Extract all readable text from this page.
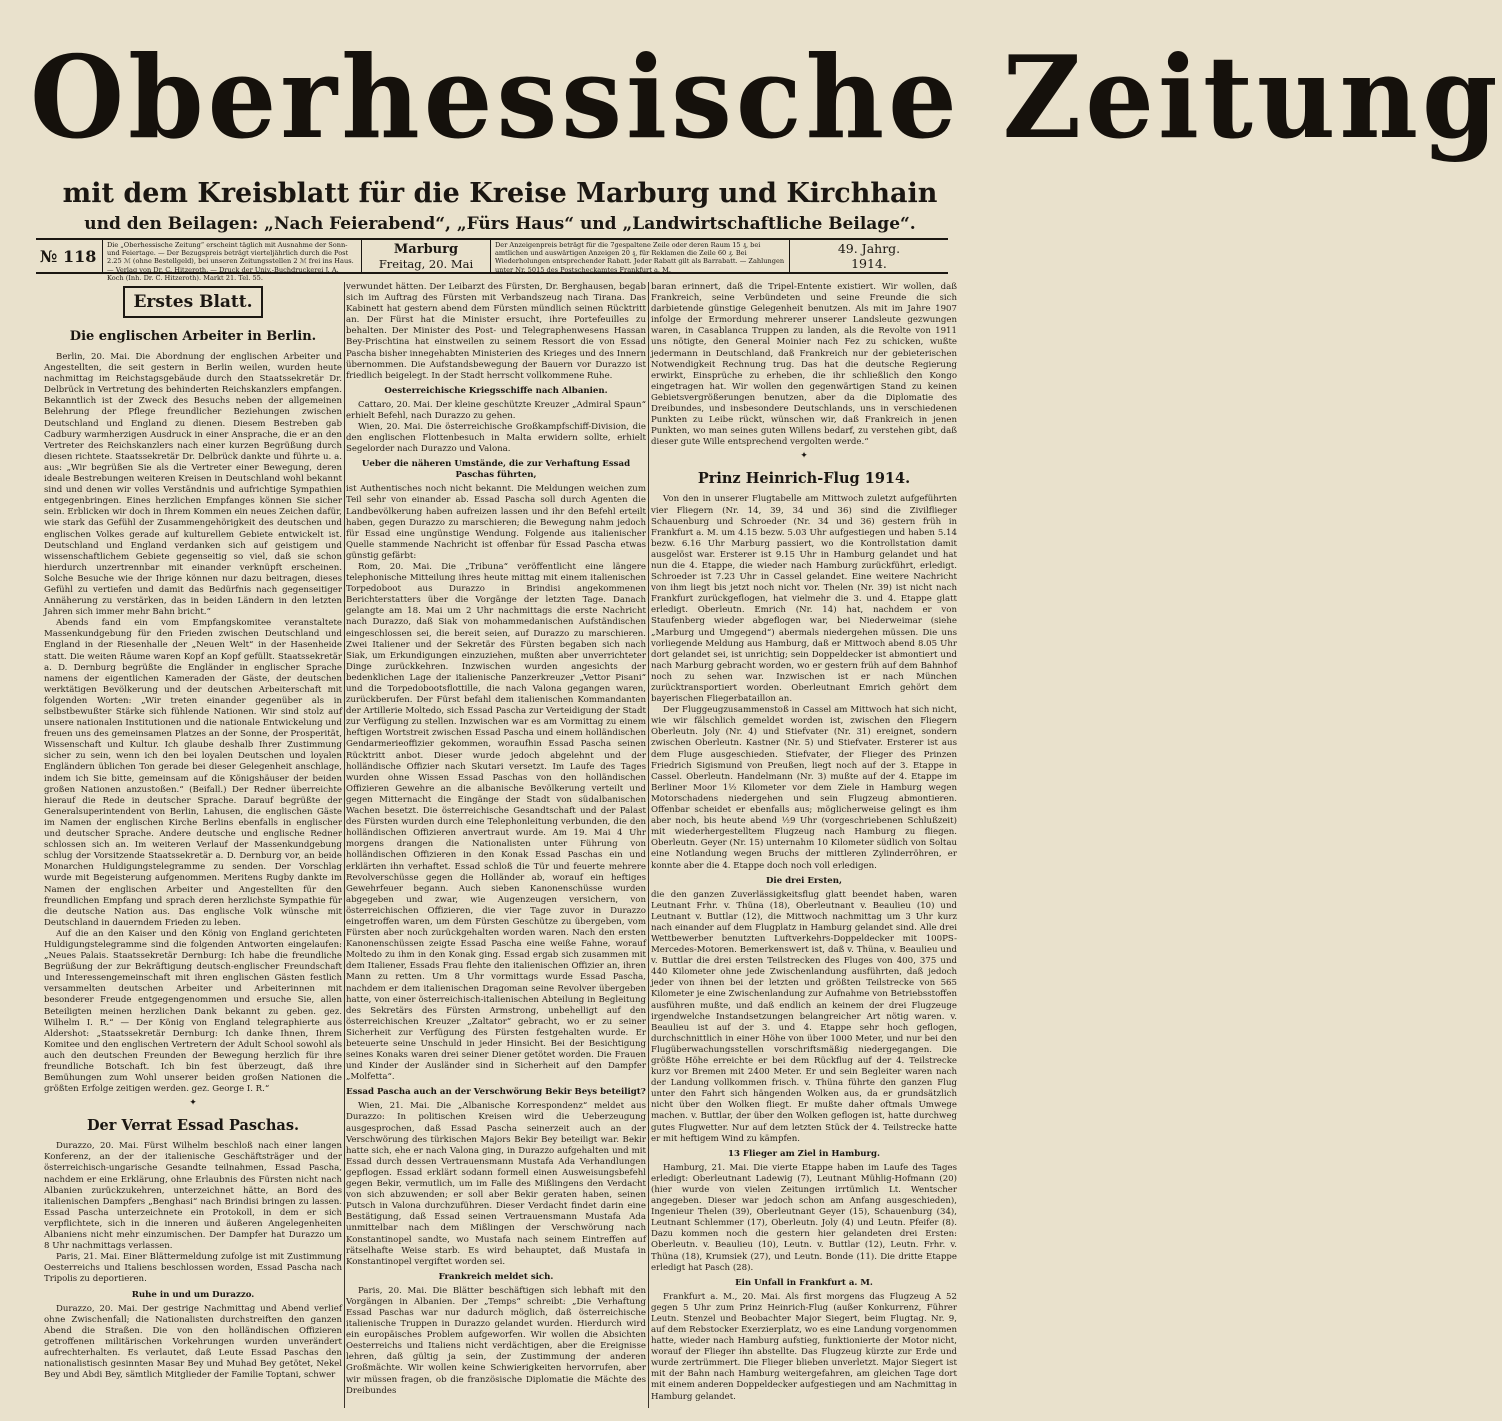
Oberhessische Zeitung
mit dem Kreisblatt für die Kreise Marburg und Kirchhain
und den Beilagen: „Nach Feierabend“, „Fürs Haus“ und „Landwirtschaftliche Beilage“.
№ 118
Die „Oberhessische Zeitung“ erscheint täglich mit Ausnahme der Sonn- und Feiertage. — Der Bezugspreis beträgt vierteljährlich durch die Post 2.25 ℳ (ohne Bestellgeld), bei unseren Zeitungsstellen 2 ℳ frei ins Haus. — Verlag von Dr. C. Hitzeroth. — Druck der Univ.-Buchdruckerei J. A. Koch (Inh. Dr. C. Hitzeroth). Markt 21. Tel. 55.
Marburg
Freitag, 20. Mai
Der Anzeigenpreis beträgt für die 7gespaltene Zeile oder deren Raum 15 ₰, bei amtlichen und auswärtigen Anzeigen 20 ₰, für Reklamen die Zeile 60 ₰. Bei Wiederholungen entsprechender Rabatt. Jeder Rabatt gilt als Barrabatt. — Zahlungen unter Nr. 5015 des Postscheckamtes Frankfurt a. M.
49. Jahrg.
1914.
Erstes Blatt.
Die englischen Arbeiter in Berlin.

Berlin, 20. Mai. Die Abordnung der englischen Arbeiter und Angestellten, die seit gestern in Berlin weilen, wurden heute nachmittag im Reichstagsgebäude durch den Staatssekretär Dr. Delbrück in Vertretung des behinderten Reichskanzlers empfangen. Bekanntlich ist der Zweck des Besuchs neben der allgemeinen Belehrung der Pflege freundlicher Beziehungen zwischen Deutschland und England zu dienen. Diesem Bestreben gab Cadbury warmherzigen Ausdruck in einer Ansprache, die er an den Vertreter des Reichskanzlers nach einer kurzen Begrüßung durch diesen richtete. Staatssekretär Dr. Delbrück dankte und führte u. a. aus: „Wir begrüßen Sie als die Vertreter einer Bewegung, deren ideale Bestrebungen weiteren Kreisen in Deutschland wohl bekannt sind und denen wir volles Verständnis und aufrichtige Sympathien entgegenbringen. Eines herzlichen Empfanges können Sie sicher sein. Erblicken wir doch in Ihrem Kommen ein neues Zeichen dafür, wie stark das Gefühl der Zusammengehörigkeit des deutschen und englischen Volkes gerade auf kulturellem Gebiete entwickelt ist. Deutschland und England verdanken sich auf geistigem und wissenschaftlichem Gebiete gegenseitig so viel, daß sie schon hierdurch unzertrennbar mit einander verknüpft erscheinen. Solche Besuche wie der Ihrige können nur dazu beitragen, dieses Gefühl zu vertiefen und damit das Bedürfnis nach gegenseitiger Annäherung zu verstärken, das in beiden Ländern in den letzten Jahren sich immer mehr Bahn bricht.“

Abends fand ein vom Empfangskomitee veranstaltete Massenkundgebung für den Frieden zwischen Deutschland und England in der Riesenhalle der „Neuen Welt“ in der Hasenheide statt. Die weiten Räume waren Kopf an Kopf gefüllt. Staatssekretär a. D. Dernburg begrüßte die Engländer in englischer Sprache namens der eigentlichen Kameraden der Gäste, der deutschen werktätigen Bevölkerung und der deutschen Arbeiterschaft mit folgenden Worten: „Wir treten einander gegenüber als in selbstbewußter Stärke sich fühlende Nationen. Wir sind stolz auf unsere nationalen Institutionen und die nationale Entwickelung und freuen uns des gemeinsamen Platzes an der Sonne, der Prosperität, Wissenschaft und Kultur. Ich glaube deshalb Ihrer Zustimmung sicher zu sein, wenn ich den bei loyalen Deutschen und loyalen Engländern üblichen Ton gerade bei dieser Gelegenheit anschlage, indem ich Sie bitte, gemeinsam auf die Königshäuser der beiden großen Nationen anzustoßen.“ (Beifall.) Der Redner überreichte hierauf die Rede in deutscher Sprache. Darauf begrüßte der Generalsuperintendent von Berlin, Lahusen, die englischen Gäste im Namen der englischen Kirche Berlins ebenfalls in englischer und deutscher Sprache. Andere deutsche und englische Redner schlossen sich an. Im weiteren Verlauf der Massenkundgebung schlug der Vorsitzende Staatssekretär a. D. Dernburg vor, an beide Monarchen Huldigungstelegramme zu senden. Der Vorschlag wurde mit Begeisterung aufgenommen. Meritens Rugby dankte im Namen der englischen Arbeiter und Angestellten für den freundlichen Empfang und sprach deren herzlichste Sympathie für die deutsche Nation aus. Das englische Volk wünsche mit Deutschland in dauerndem Frieden zu leben.

Auf die an den Kaiser und den König von England gerichteten Huldigungstelegramme sind die folgenden Antworten eingelaufen: „Neues Palais. Staatssekretär Dernburg: Ich habe die freundliche Begrüßung der zur Bekräftigung deutsch-englischer Freundschaft und Interessengemeinschaft mit ihren englischen Gästen festlich versammelten deutschen Arbeiter und Arbeiterinnen mit besonderer Freude entgegengenommen und ersuche Sie, allen Beteiligten meinen herzlichen Dank bekannt zu geben. gez. Wilhelm I. R.“ — Der König von England telegraphierte aus Aldershot: „Staatssekretär Dernburg: Ich danke Ihnen, Ihrem Komitee und den englischen Vertretern der Adult School sowohl als auch den deutschen Freunden der Bewegung herzlich für ihre freundliche Botschaft. Ich bin fest überzeugt, daß ihre Bemühungen zum Wohl unserer beiden großen Nationen die größten Erfolge zeitigen werden. gez. George I. R.“

✦
Der Verrat Essad Paschas.

Durazzo, 20. Mai. Fürst Wilhelm beschloß nach einer langen Konferenz, an der der italienische Geschäftsträger und der österreichisch-ungarische Gesandte teilnahmen, Essad Pascha, nachdem er eine Erklärung, ohne Erlaubnis des Fürsten nicht nach Albanien zurückzukehren, unterzeichnet hätte, an Bord des italienischen Dampfers „Benghasi“ nach Brindisi bringen zu lassen. Essad Pascha unterzeichnete ein Protokoll, in dem er sich verpflichtete, sich in die inneren und äußeren Angelegenheiten Albaniens nicht mehr einzumischen. Der Dampfer hat Durazzo um 8 Uhr nachmittags verlassen.

Paris, 21. Mai. Einer Blättermeldung zufolge ist mit Zustimmung Oesterreichs und Italiens beschlossen worden, Essad Pascha nach Tripolis zu deportieren.

Ruhe in und um Durazzo.

Durazzo, 20. Mai. Der gestrige Nachmittag und Abend verlief ohne Zwischenfall; die Nationalisten durchstreiften den ganzen Abend die Straßen. Die von den holländischen Offizieren getroffenen militärischen Vorkehrungen wurden unverändert aufrechterhalten. Es verlautet, daß Leute Essad Paschas den nationalistisch gesinnten Masar Bey und Muhad Bey getötet, Nekel Bey und Abdi Bey, sämtlich Mitglieder der Familie Toptani, schwer

verwundet hätten. Der Leibarzt des Fürsten, Dr. Berghausen, begab sich im Auftrag des Fürsten mit Verbandszeug nach Tirana. Das Kabinett hat gestern abend dem Fürsten mündlich seinen Rücktritt an. Der Fürst hat die Minister ersucht, ihre Portefeuilles zu behalten. Der Minister des Post- und Telegraphenwesens Hassan Bey-Prischtina hat einstweilen zu seinem Ressort die von Essad Pascha bisher innegehabten Ministerien des Krieges und des Innern übernommen. Die Aufstandsbewegung der Bauern vor Durazzo ist friedlich beigelegt. In der Stadt herrscht vollkommene Ruhe.

Oesterreichische Kriegsschiffe nach Albanien.

Cattaro, 20. Mai. Der kleine geschützte Kreuzer „Admiral Spaun“ erhielt Befehl, nach Durazzo zu gehen.

Wien, 20. Mai. Die österreichische Großkampfschiff-Division, die den englischen Flottenbesuch in Malta erwidern sollte, erhielt Segelorder nach Durazzo und Valona.

Ueber die näheren Umstände, die zur Verhaftung Essad Paschas führten,

ist Authentisches noch nicht bekannt. Die Meldungen weichen zum Teil sehr von einander ab. Essad Pascha soll durch Agenten die Landbevölkerung haben aufreizen lassen und ihr den Befehl erteilt haben, gegen Durazzo zu marschieren; die Bewegung nahm jedoch für Essad eine ungünstige Wendung. Folgende aus italienischer Quelle stammende Nachricht ist offenbar für Essad Pascha etwas günstig gefärbt:

Rom, 20. Mai. Die „Tribuna“ veröffentlicht eine längere telephonische Mitteilung ihres heute mittag mit einem italienischen Torpedoboot aus Durazzo in Brindisi angekommenen Berichterstatters über die Vorgänge der letzten Tage. Danach gelangte am 18. Mai um 2 Uhr nachmittags die erste Nachricht nach Durazzo, daß Siak von mohammedanischen Aufständischen eingeschlossen sei, die bereit seien, auf Durazzo zu marschieren. Zwei Italiener und der Sekretär des Fürsten begaben sich nach Siak, um Erkundigungen einzuziehen, mußten aber unverrichteter Dinge zurückkehren. Inzwischen wurden angesichts der bedenklichen Lage der italienische Panzerkreuzer „Vettor Pisani“ und die Torpedobootsflottille, die nach Valona gegangen waren, zurückberufen. Der Fürst befahl dem italienischen Kommandanten der Artillerie Moltedo, sich Essad Pascha zur Verteidigung der Stadt zur Verfügung zu stellen. Inzwischen war es am Vormittag zu einem heftigen Wortstreit zwischen Essad Pascha und einem holländischen Gendarmerieoffizier gekommen, woraufhin Essad Pascha seinen Rücktritt anbot. Dieser wurde jedoch abgelehnt und der holländische Offizier nach Skutari versetzt. Im Laufe des Tages wurden ohne Wissen Essad Paschas von den holländischen Offizieren Gewehre an die albanische Bevölkerung verteilt und gegen Mitternacht die Eingänge der Stadt von südalbanischen Wachen besetzt. Die österreichische Gesandtschaft und der Palast des Fürsten wurden durch eine Telephonleitung verbunden, die den holländischen Offizieren anvertraut wurde. Am 19. Mai 4 Uhr morgens drangen die Nationalisten unter Führung von holländischen Offizieren in den Konak Essad Paschas ein und erklärten ihn verhaftet. Essad schloß die Tür und feuerte mehrere Revolverschüsse gegen die Holländer ab, worauf ein heftiges Gewehrfeuer begann. Auch sieben Kanonenschüsse wurden abgegeben und zwar, wie Augenzeugen versichern, von österreichischen Offizieren, die vier Tage zuvor in Durazzo eingetroffen waren, um dem Fürsten Geschütze zu übergeben, vom Fürsten aber noch zurückgehalten worden waren. Nach den ersten Kanonenschüssen zeigte Essad Pascha eine weiße Fahne, worauf Moltedo zu ihm in den Konak ging. Essad ergab sich zusammen mit dem Italiener, Essads Frau flehte den italienischen Offizier an, ihren Mann zu retten. Um 8 Uhr vormittags wurde Essad Pascha, nachdem er dem italienischen Dragoman seine Revolver übergeben hatte, von einer österreichisch-italienischen Abteilung in Begleitung des Sekretärs des Fürsten Armstrong, unbehelligt auf den österreichischen Kreuzer „Zaltator“ gebracht, wo er zu seiner Sicherheit zur Verfügung des Fürsten festgehalten wurde. Er beteuerte seine Unschuld in jeder Hinsicht. Bei der Besichtigung seines Konaks waren drei seiner Diener getötet worden. Die Frauen und Kinder der Ausländer sind in Sicherheit auf den Dampfer „Molfetta“.

Essad Pascha auch an der Verschwörung Bekir Beys beteiligt?

Wien, 21. Mai. Die „Albanische Korrespondenz“ meldet aus Durazzo: In politischen Kreisen wird die Ueberzeugung ausgesprochen, daß Essad Pascha seinerzeit auch an der Verschwörung des türkischen Majors Bekir Bey beteiligt war. Bekir hatte sich, ehe er nach Valona ging, in Durazzo aufgehalten und mit Essad durch dessen Vertrauensmann Mustafa Ada Verhandlungen gepflogen. Essad erklärt sodann formell einen Ausweisungsbefehl gegen Bekir, vermutlich, um im Falle des Mißlingens den Verdacht von sich abzuwenden; er soll aber Bekir geraten haben, seinen Putsch in Valona durchzuführen. Dieser Verdacht findet darin eine Bestätigung, daß Essad seinen Vertrauensmann Mustafa Ada unmittelbar nach dem Mißlingen der Verschwörung nach Konstantinopel sandte, wo Mustafa nach seinem Eintreffen auf rätselhafte Weise starb. Es wird behauptet, daß Mustafa in Konstantinopel vergiftet worden sei.

Frankreich meldet sich.

Paris, 20. Mai. Die Blätter beschäftigen sich lebhaft mit den Vorgängen in Albanien. Der „Temps“ schreibt: „Die Verhaftung Essad Paschas war nur dadurch möglich, daß österreichische italienische Truppen in Durazzo gelandet wurden. Hierdurch wird ein europäisches Problem aufgeworfen. Wir wollen die Absichten Oesterreichs und Italiens nicht verdächtigen, aber die Ereignisse lehren, daß gültig ja sein, der Zustimmung der anderen Großmächte. Wir wollen keine Schwierigkeiten hervorrufen, aber wir müssen fragen, ob die französische Diplomatie die Mächte des Dreibundes

baran erinnert, daß die Tripel-Entente existiert. Wir wollen, daß Frankreich, seine Verbündeten und seine Freunde die sich darbietende günstige Gelegenheit benutzen. Als mit im Jahre 1907 infolge der Ermordung mehrerer unserer Landsleute gezwungen waren, in Casablanca Truppen zu landen, als die Revolte von 1911 uns nötigte, den General Moinier nach Fez zu schicken, wußte jedermann in Deutschland, daß Frankreich nur der gebieterischen Notwendigkeit Rechnung trug. Das hat die deutsche Regierung erwirkt, Einsprüche zu erheben, die ihr schließlich den Kongo eingetragen hat. Wir wollen den gegenwärtigen Stand zu keinen Gebietsvergrößerungen benutzen, aber da die Diplomatie des Dreibundes, und insbesondere Deutschlands, uns in verschiedenen Punkten zu Leibe rückt, wünschen wir, daß Frankreich in jenen Punkten, wo man seines guten Willens bedarf, zu verstehen gibt, daß dieser gute Wille entsprechend vergolten werde.“

✦
Prinz Heinrich-Flug 1914.

Von den in unserer Flugtabelle am Mittwoch zuletzt aufgeführten vier Fliegern (Nr. 14, 39, 34 und 36) sind die Zivilflieger Schauenburg und Schroeder (Nr. 34 und 36) gestern früh in Frankfurt a. M. um 4.15 bezw. 5.03 Uhr aufgestiegen und haben 5.14 bezw. 6.16 Uhr Marburg passiert, wo die Kontrollstation damit ausgelöst war. Ersterer ist 9.15 Uhr in Hamburg gelandet und hat nun die 4. Etappe, die wieder nach Hamburg zurückführt, erledigt. Schroeder ist 7.23 Uhr in Cassel gelandet. Eine weitere Nachricht von ihm liegt bis jetzt noch nicht vor. Thelen (Nr. 39) ist nicht nach Frankfurt zurückgeflogen, hat vielmehr die 3. und 4. Etappe glatt erledigt. Oberleutn. Emrich (Nr. 14) hat, nachdem er von Staufenberg wieder abgeflogen war, bei Niederweimar (siehe „Marburg und Umgegend“) abermals niedergehen müssen. Die uns vorliegende Meldung aus Hamburg, daß er Mittwoch abend 8.05 Uhr dort gelandet sei, ist unrichtig; sein Doppeldecker ist abmontiert und nach Marburg gebracht worden, wo er gestern früh auf dem Bahnhof noch zu sehen war. Inzwischen ist er nach München zurücktransportiert worden. Oberleutnant Emrich gehört dem bayerischen Fliegerbataillon an.

Der Fluggeugzusammenstoß in Cassel am Mittwoch hat sich nicht, wie wir fälschlich gemeldet worden ist, zwischen den Fliegern Oberleutn. Joly (Nr. 4) und Stiefvater (Nr. 31) ereignet, sondern zwischen Oberleutn. Kastner (Nr. 5) und Stiefvater. Ersterer ist aus dem Fluge ausgeschieden. Stiefvater, der Flieger des Prinzen Friedrich Sigismund von Preußen, liegt noch auf der 3. Etappe in Cassel. Oberleutn. Handelmann (Nr. 3) mußte auf der 4. Etappe im Berliner Moor 1½ Kilometer vor dem Ziele in Hamburg wegen Motorschadens niedergehen und sein Flugzeug abmontieren. Offenbar scheidet er ebenfalls aus; möglicherweise gelingt es ihm aber noch, bis heute abend ½9 Uhr (vorgeschriebenen Schlußzeit) mit wiederhergestelltem Flugzeug nach Hamburg zu fliegen. Oberleutn. Geyer (Nr. 15) unternahm 10 Kilometer südlich von Soltau eine Notlandung wegen Bruchs der mittleren Zylinderröhren, er konnte aber die 4. Etappe doch noch voll erledigen.

Die drei Ersten,

die den ganzen Zuverlässigkeitsflug glatt beendet haben, waren Leutnant Frhr. v. Thüna (18), Oberleutnant v. Beaulieu (10) und Leutnant v. Buttlar (12), die Mittwoch nachmittag um 3 Uhr kurz nach einander auf dem Flugplatz in Hamburg gelandet sind. Alle drei Wettbewerber benutzten Luftverkehrs-Doppeldecker mit 100PS-Mercedes-Motoren. Bemerkenswert ist, daß v. Thüna, v. Beaulieu und v. Buttlar die drei ersten Teilstrecken des Fluges von 400, 375 und 440 Kilometer ohne jede Zwischenlandung ausführten, daß jedoch jeder von ihnen bei der letzten und größten Teilstrecke von 565 Kilometer je eine Zwischenlandung zur Aufnahme von Betriebsstoffen ausführen mußte, und daß endlich an keinem der drei Flugzeuge irgendwelche Instandsetzungen belangreicher Art nötig waren. v. Beaulieu ist auf der 3. und 4. Etappe sehr hoch geflogen, durchschnittlich in einer Höhe von über 1000 Meter, und nur bei den Flugüberwachungsstellen vorschriftsmäßig niedergegangen. Die größte Höhe erreichte er bei dem Rückflug auf der 4. Teilstrecke kurz vor Bremen mit 2400 Meter. Er und sein Begleiter waren nach der Landung vollkommen frisch. v. Thüna führte den ganzen Flug unter den Fahrt sich hängenden Wolken aus, da er grundsätzlich nicht über den Wolken fliegt. Er mußte daher oftmals Umwege machen. v. Buttlar, der über den Wolken geflogen ist, hatte durchweg gutes Flugwetter. Nur auf dem letzten Stück der 4. Teilstrecke hatte er mit heftigem Wind zu kämpfen.

13 Flieger am Ziel in Hamburg.

Hamburg, 21. Mai. Die vierte Etappe haben im Laufe des Tages erledigt: Oberleutnant Ladewig (7), Leutnant Mühlig-Hofmann (20) (hier wurde von vielen Zeitungen irrtümlich Lt. Wentscher angegeben. Dieser war jedoch schon am Anfang ausgeschieden), Ingenieur Thelen (39), Oberleutnant Geyer (15), Schauenburg (34), Leutnant Schlemmer (17), Oberleutn. Joly (4) und Leutn. Pfeifer (8). Dazu kommen noch die gestern hier gelandeten drei Ersten: Oberleutn. v. Beaulieu (10), Leutn. v. Buttlar (12), Leutn. Frhr. v. Thüna (18), Krumsiek (27), und Leutn. Bonde (11). Die dritte Etappe erledigt hat Pasch (28).

Ein Unfall in Frankfurt a. M.

Frankfurt a. M., 20. Mai. Als first morgens das Flugzeug A 52 gegen 5 Uhr zum Prinz Heinrich-Flug (außer Konkurrenz, Führer Leutn. Stenzel und Beobachter Major Siegert, beim Flugtag. Nr. 9, auf dem Rebstocker Exerzierplatz, wo es eine Landung vorgenommen hatte, wieder nach Hamburg aufstieg, funktionierte der Motor nicht, worauf der Flieger ihn abstellte. Das Flugzeug kürzte zur Erde und wurde zertrümmert. Die Flieger blieben unverletzt. Major Siegert ist mit der Bahn nach Hamburg weitergefahren, am gleichen Tage dort mit einem anderen Doppeldecker aufgestiegen und am Nachmittag in Hamburg gelandet.
